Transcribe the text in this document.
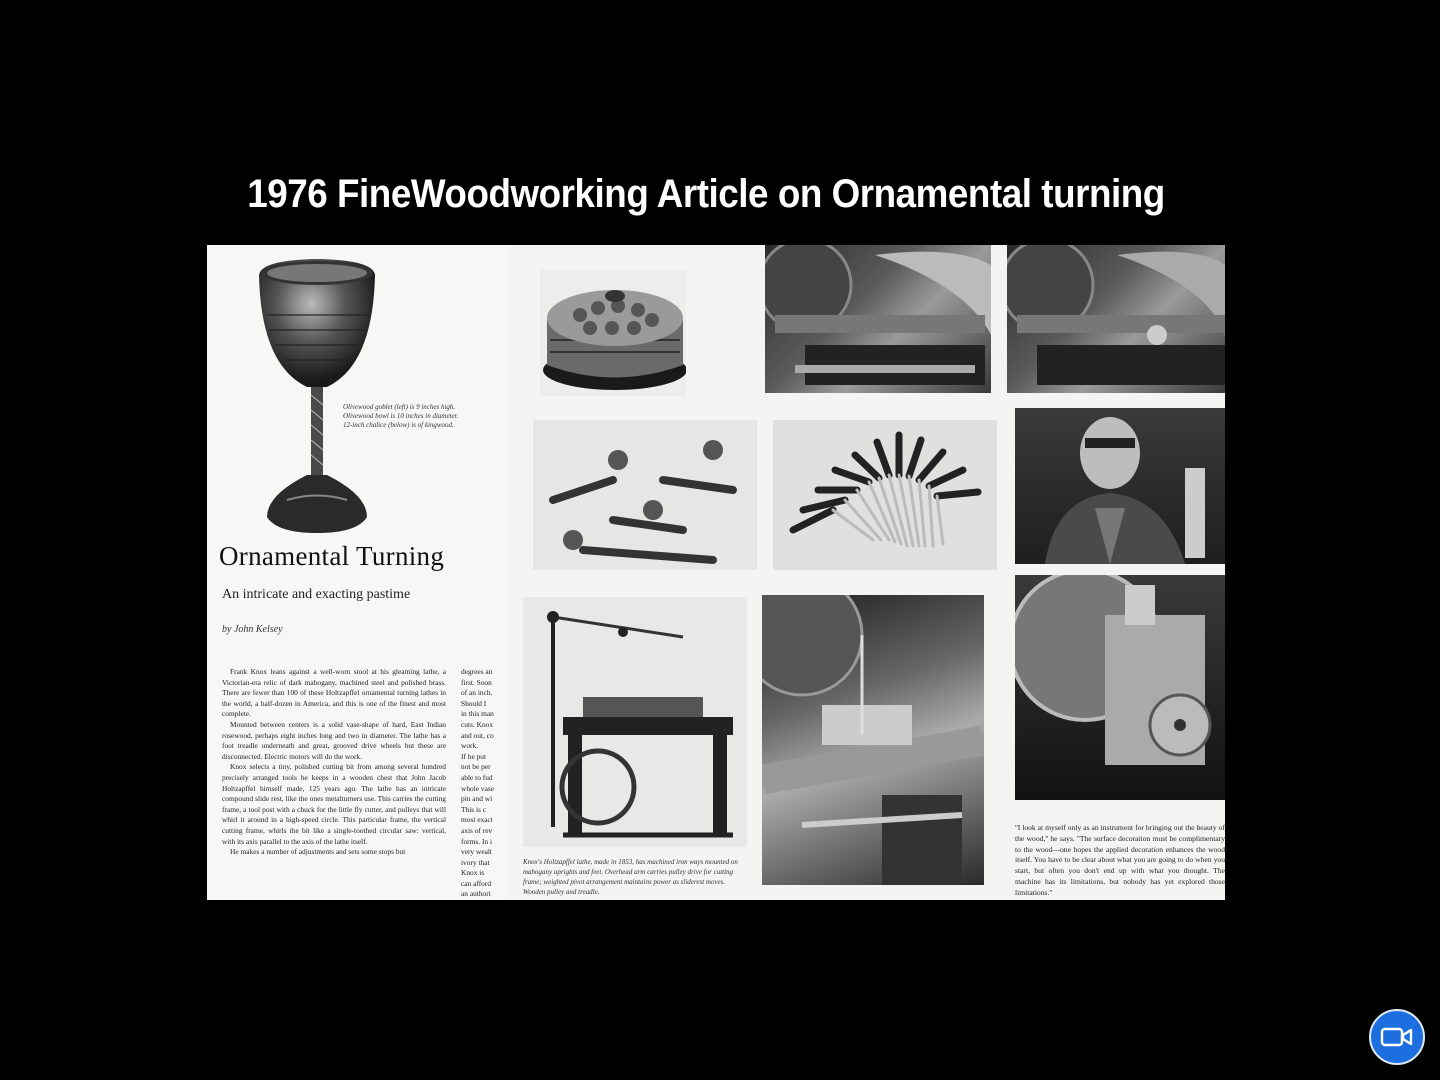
1976 FineWoodworking Article on Ornamental turning
Olivewood goblet (left) is 9 inches high. Olivewood bowl is 10 inches in diameter. 12-inch chalice (below) is of kingwood.
Ornamental Turning
An intricate and exacting pastime
by John Kelsey

Frank Knox leans against a well-worn stool at his gleaming lathe, a Victorian-era relic of dark mahogany, machined steel and polished brass. There are fewer than 100 of these Holtzapffel ornamental turning lathes in the world, a half-dozen in America, and this is one of the finest and most complete.

Mounted between centers is a solid vase-shape of hard, East Indian rosewood, perhaps eight inches long and two in diameter. The lathe has a foot treadle underneath and great, grooved drive wheels but these are disconnected. Electric motors will do the work.

Knox selects a tiny, polished cutting bit from among several hundred precisely arranged tools he keeps in a wooden chest that John Jacob Holtzapffel himself made, 125 years ago. The lathe has an intricate compound slide rest, like the ones metalturners use. This carries the cutting frame, a tool post with a chuck for the little fly cutter, and pulleys that will whirl it around in a high-speed circle. This particular frame, the vertical cutting frame, whirls the bit like a single-toothed circular saw: vertical, with its axis parallel to the axis of the lathe itself.

He makes a number of adjustments and sets some stops but

degrees an
first. Soon
of an inch.
Should I
in this man
cuts. Knox
and out, co
work.
If he put
not be per
able to fud
whole vase
pin and wi
This is c
most exact
axis of rev
forms. In i
very wealt
ivory that
Knox is
can afford
an authori
Knox's Holtzapffel lathe, made in 1853, has machined iron ways mounted on mahogany uprights and feet. Overhead arm carries pulley drive for cutting frame; weighted pivot arrangement maintains power as sliderest moves. Wooden pulley and treadle,
''I look at myself only as an instrument for bringing out the beauty of the wood,'' he says. ''The surface decoration must be complimentary to the wood—one hopes the applied decoration enhances the wood itself. You have to be clear about what you are going to do when you start, but often you don't end up with what you thought. The machine has its limitations, but nobody has yet explored those limitations.''
